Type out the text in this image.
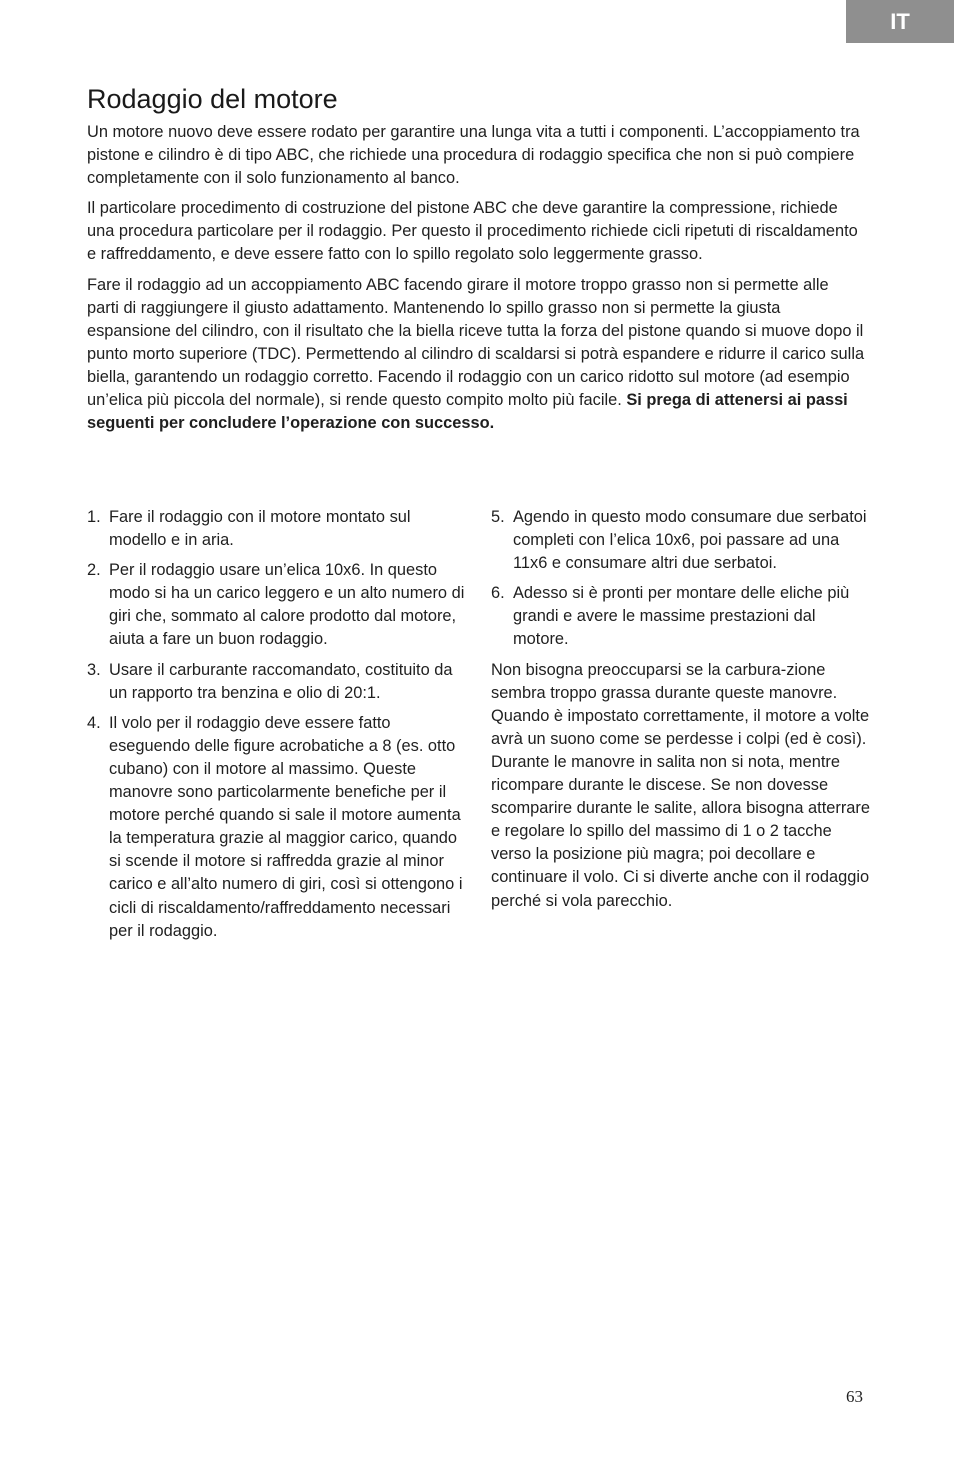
IT
Rodaggio del motore

Un motore nuovo deve essere rodato per garantire una lunga vita a tutti i componenti. L’accoppiamento tra pistone e cilindro è di tipo ABC, che richiede una procedura di rodaggio specifica che non si può compiere completamente con il solo funzionamento al banco.

Il particolare procedimento di costruzione del pistone ABC che deve garantire la compressione, richiede una procedura particolare per il rodaggio. Per questo il procedimento richiede cicli ripetuti di riscaldamento e raffreddamento, e deve essere fatto con lo spillo regolato solo leggermente grasso.

Fare il rodaggio ad un accoppiamento ABC facendo girare il motore troppo grasso non si permette alle parti di raggiungere il giusto adattamento. Mantenendo lo spillo grasso non si permette la giusta espansione del cilindro, con il risultato che la biella riceve tutta la forza del pistone quando si muove dopo il punto morto superiore (TDC). Permettendo al cilindro di scaldarsi si potrà espandere e ridurre il carico sulla biella, garantendo un rodaggio corretto. Facendo il rodaggio con un carico ridotto sul motore (ad esempio un’elica più piccola del normale), si rende questo compito molto più facile. Si prega di attenersi ai passi seguenti per concludere l’operazione con successo.

1. Fare il rodaggio con il motore montato sul modello e in aria.
2. Per il rodaggio usare un’elica 10x6. In questo modo si ha un carico leggero e un alto numero di giri che, sommato al calore prodotto dal motore, aiuta a fare un buon rodaggio.
3. Usare il carburante raccomandato, costituito da un rapporto tra benzina e olio di 20:1.
4. Il volo per il rodaggio deve essere fatto eseguendo delle figure acrobatiche a 8 (es. otto cubano) con il motore al massimo. Queste manovre sono particolarmente benefiche per il motore perché quando si sale il motore aumenta la temperatura grazie al maggior carico, quando si scende il motore si raffredda grazie al minor carico e all’alto numero di giri, così si ottengono i cicli di riscaldamento/raffreddamento necessari per il rodaggio.
5. Agendo in questo modo consumare due serbatoi completi con l’elica 10x6, poi passare ad una 11x6 e consumare altri due serbatoi.
6. Adesso si è pronti per montare delle eliche più grandi e avere le massime prestazioni dal motore.

Non bisogna preoccuparsi se la carbura-zione sembra troppo grassa durante queste manovre. Quando è impostato correttamente, il motore a volte avrà un suono come se perdesse i colpi (ed è così). Durante le manovre in salita non si nota, mentre ricompare durante le discese. Se non dovesse scomparire durante le salite, allora bisogna atterrare e regolare lo spillo del massimo di 1 o 2 tacche verso la posizione più magra; poi decollare e continuare il volo. Ci si diverte anche con il rodaggio perché si vola parecchio.

63
